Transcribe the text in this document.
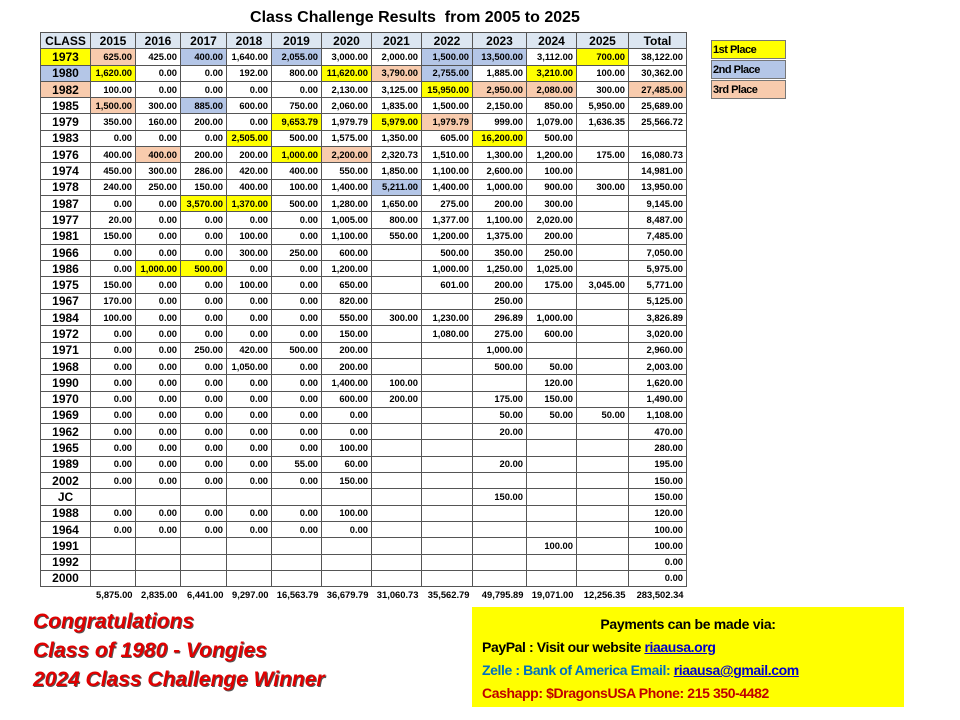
Class Challenge Results  from 2005 to 2025
CLASS	2015	2016	2017	2018	2019	2020	2021	2022	2023	2024	2025	Total
1973	625.00	425.00	400.00	1,640.00	2,055.00	3,000.00	2,000.00	1,500.00	13,500.00	3,112.00	700.00	38,122.00
1980	1,620.00	0.00	0.00	192.00	800.00	11,620.00	3,790.00	2,755.00	1,885.00	3,210.00	100.00	30,362.00
1982	100.00	0.00	0.00	0.00	0.00	2,130.00	3,125.00	15,950.00	2,950.00	2,080.00	300.00	27,485.00
1985	1,500.00	300.00	885.00	600.00	750.00	2,060.00	1,835.00	1,500.00	2,150.00	850.00	5,950.00	25,689.00
1979	350.00	160.00	200.00	0.00	9,653.79	1,979.79	5,979.00	1,979.79	999.00	1,079.00	1,636.35	25,566.72
1983	0.00	0.00	0.00	2,505.00	500.00	1,575.00	1,350.00	605.00	16,200.00	500.00		
1976	400.00	400.00	200.00	200.00	1,000.00	2,200.00	2,320.73	1,510.00	1,300.00	1,200.00	175.00	16,080.73
1974	450.00	300.00	286.00	420.00	400.00	550.00	1,850.00	1,100.00	2,600.00	100.00		14,981.00
1978	240.00	250.00	150.00	400.00	100.00	1,400.00	5,211.00	1,400.00	1,000.00	900.00	300.00	13,950.00
1987	0.00	0.00	3,570.00	1,370.00	500.00	1,280.00	1,650.00	275.00	200.00	300.00		9,145.00
1977	20.00	0.00	0.00	0.00	0.00	1,005.00	800.00	1,377.00	1,100.00	2,020.00		8,487.00
1981	150.00	0.00	0.00	100.00	0.00	1,100.00	550.00	1,200.00	1,375.00	200.00		7,485.00
1966	0.00	0.00	0.00	300.00	250.00	600.00		500.00	350.00	250.00		7,050.00
1986	0.00	1,000.00	500.00	0.00	0.00	1,200.00		1,000.00	1,250.00	1,025.00		5,975.00
1975	150.00	0.00	0.00	100.00	0.00	650.00		601.00	200.00	175.00	3,045.00	5,771.00
1967	170.00	0.00	0.00	0.00	0.00	820.00			250.00			5,125.00
1984	100.00	0.00	0.00	0.00	0.00	550.00	300.00	1,230.00	296.89	1,000.00		3,826.89
1972	0.00	0.00	0.00	0.00	0.00	150.00		1,080.00	275.00	600.00		3,020.00
1971	0.00	0.00	250.00	420.00	500.00	200.00			1,000.00			2,960.00
1968	0.00	0.00	0.00	1,050.00	0.00	200.00			500.00	50.00		2,003.00
1990	0.00	0.00	0.00	0.00	0.00	1,400.00	100.00			120.00		1,620.00
1970	0.00	0.00	0.00	0.00	0.00	600.00	200.00		175.00	150.00		1,490.00
1969	0.00	0.00	0.00	0.00	0.00	0.00			50.00	50.00	50.00	1,108.00
1962	0.00	0.00	0.00	0.00	0.00	0.00			20.00			470.00
1965	0.00	0.00	0.00	0.00	0.00	100.00						280.00
1989	0.00	0.00	0.00	0.00	55.00	60.00			20.00			195.00
2002	0.00	0.00	0.00	0.00	0.00	150.00						150.00
JC									150.00			150.00
1988	0.00	0.00	0.00	0.00	0.00	100.00						120.00
1964	0.00	0.00	0.00	0.00	0.00	0.00						100.00
1991										100.00		100.00
1992												0.00
2000												0.00
	5,875.00	2,835.00	6,441.00	9,297.00	16,563.79	36,679.79	31,060.73	35,562.79	49,795.89	19,071.00	12,256.35	283,502.34
1st Place
2nd Place
3rd Place
Congratulations
Class of 1980 - Vongies
2024 Class Challenge Winner
Payments can be made via:
PayPal : Visit our website riaausa.org
Zelle : Bank of America Email: riaausa@gmail.com
Cashapp: $DragonsUSA Phone: 215 350-4482
